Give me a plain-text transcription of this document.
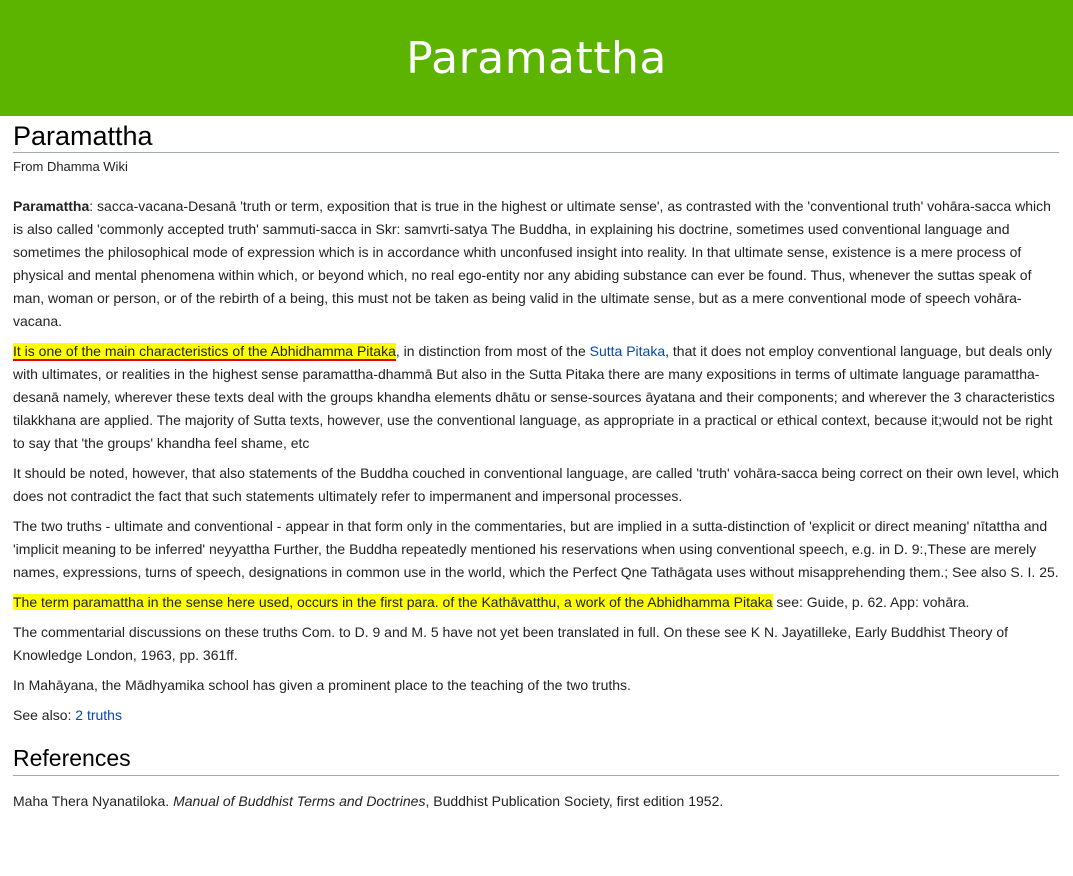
Paramattha
Paramattha
From Dhamma Wiki

Paramattha: sacca-vacana-Desanā 'truth or term, exposition that is true in the highest or ultimate sense', as contrasted with the 'conventional truth' vohāra-sacca which is also called 'commonly accepted truth' sammuti-sacca in Skr: samvrti-satya The Buddha, in explaining his doctrine, sometimes used conventional language and sometimes the philosophical mode of expression which is in accordance whith unconfused insight into reality. In that ultimate sense, existence is a mere process of physical and mental phenomena within which, or beyond which, no real ego-entity nor any abiding substance can ever be found. Thus, whenever the suttas speak of man, woman or person, or of the rebirth of a being, this must not be taken as being valid in the ultimate sense, but as a mere conventional mode of speech vohāra-vacana.

It is one of the main characteristics of the Abhidhamma Pitaka, in distinction from most of the Sutta Pitaka, that it does not employ conventional language, but deals only with ultimates, or realities in the highest sense paramattha-dhammā But also in the Sutta Pitaka there are many expositions in terms of ultimate language paramattha-desanā namely, wherever these texts deal with the groups khandha elements dhātu or sense-sources āyatana and their components; and wherever the 3 characteristics tilakkhana are applied. The majority of Sutta texts, however, use the conventional language, as appropriate in a practical or ethical context, because it;would not be right to say that 'the groups' khandha feel shame, etc

It should be noted, however, that also statements of the Buddha couched in conventional language, are called 'truth' vohāra-sacca being correct on their own level, which does not contradict the fact that such statements ultimately refer to impermanent and impersonal processes.

The two truths - ultimate and conventional - appear in that form only in the commentaries, but are implied in a sutta-distinction of 'explicit or direct meaning' nītattha and 'implicit meaning to be inferred' neyyattha Further, the Buddha repeatedly mentioned his reservations when using conventional speech, e.g. in D. 9:,These are merely names, expressions, turns of speech, designations in common use in the world, which the Perfect Qne Tathāgata uses without misapprehending them.; See also S. I. 25.

The term paramattha in the sense here used, occurs in the first para. of the Kathāvatthu, a work of the Abhidhamma Pitaka see: Guide, p. 62. App: vohāra.

The commentarial discussions on these truths Com. to D. 9 and M. 5 have not yet been translated in full. On these see K N. Jayatilleke, Early Buddhist Theory of Knowledge London, 1963, pp. 361ff.

In Mahāyana, the Mādhyamika school has given a prominent place to the teaching of the two truths.

See also: 2 truths

References

Maha Thera Nyanatiloka. Manual of Buddhist Terms and Doctrines, Buddhist Publication Society, first edition 1952.
